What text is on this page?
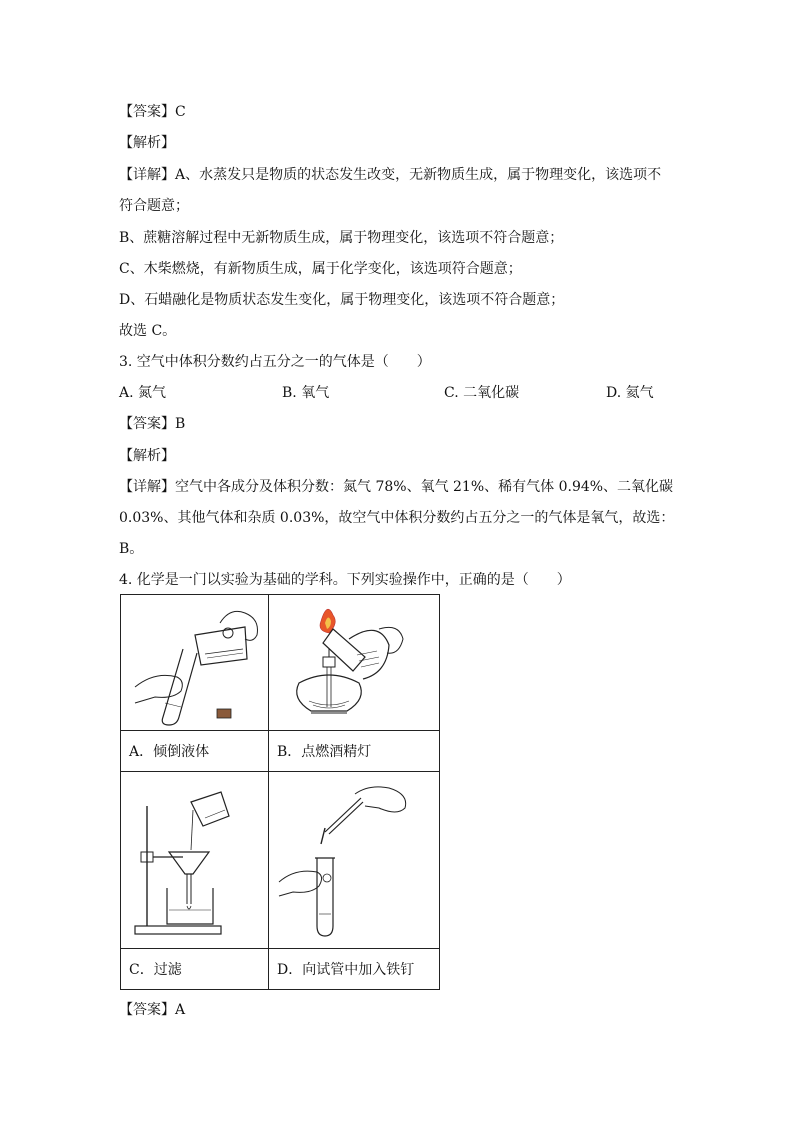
【答案】C
【解析】
【详解】A、水蒸发只是物质的状态发生改变，无新物质生成，属于物理变化，该选项不
符合题意；
B、蔗糖溶解过程中无新物质生成，属于物理变化，该选项不符合题意；
C、木柴燃烧，有新物质生成，属于化学变化，该选项符合题意；
D、石蜡融化是物质状态发生变化，属于物理变化，该选项不符合题意；
故选 C。
3. 空气中体积分数约占五分之一的气体是（　　）
A. 氮气	B. 氧气	C. 二氧化碳	D. 氦气
【答案】B
【解析】
【详解】空气中各成分及体积分数：氮气 78%、氧气 21%、稀有气体 0.94%、二氧化碳
0.03%、其他气体和杂质 0.03%，故空气中体积分数约占五分之一的气体是氧气，故选：
B。
4. 化学是一门以实验为基础的学科。下列实验操作中，正确的是（　　）

A．倾倒液体	B．点燃酒精灯

C．过滤	D．向试管中加入铁钉
【答案】A
